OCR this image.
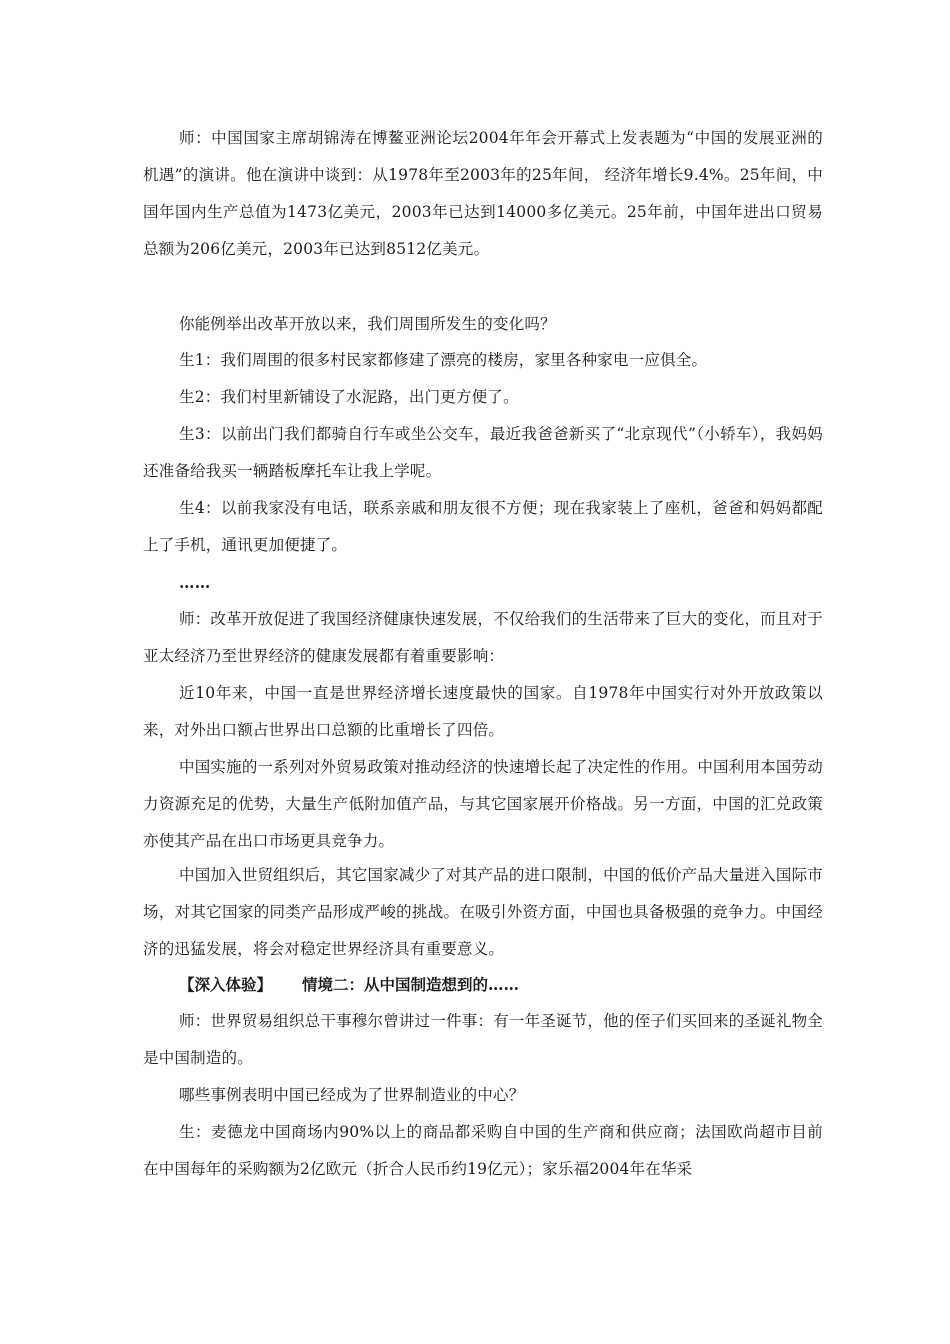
师：中国国家主席胡锦涛在博鳌亚洲论坛2004年年会开幕式上发表题为“中国的发展亚洲的机遇”的演讲。他在演讲中谈到：从1978年至2003年的25年间， 经济年增长9.4%。25年间，中国年国内生产总值为1473亿美元，2003年已达到14000多亿美元。25年前，中国年进出口贸易总额为206亿美元，2003年已达到8512亿美元。

你能例举出改革开放以来，我们周围所发生的变化吗？

生1：我们周围的很多村民家都修建了漂亮的楼房，家里各种家电一应俱全。

生2：我们村里新铺设了水泥路，出门更方便了。

生3：以前出门我们都骑自行车或坐公交车，最近我爸爸新买了“北京现代”（小轿车），我妈妈还准备给我买一辆踏板摩托车让我上学呢。

生4：以前我家没有电话，联系亲戚和朋友很不方便；现在我家装上了座机，爸爸和妈妈都配上了手机，通讯更加便捷了。

……

师：改革开放促进了我国经济健康快速发展，不仅给我们的生活带来了巨大的变化，而且对于亚太经济乃至世界经济的健康发展都有着重要影响：

近10年来，中国一直是世界经济增长速度最快的国家。自1978年中国实行对外开放政策以来，对外出口额占世界出口总额的比重增长了四倍。

中国实施的一系列对外贸易政策对推动经济的快速增长起了决定性的作用。中国利用本国劳动力资源充足的优势，大量生产低附加值产品，与其它国家展开价格战。另一方面，中国的汇兑政策亦使其产品在出口市场更具竞争力。

中国加入世贸组织后，其它国家减少了对其产品的进口限制，中国的低价产品大量进入国际市场，对其它国家的同类产品形成严峻的挑战。在吸引外资方面，中国也具备极强的竞争力。中国经济的迅猛发展，将会对稳定世界经济具有重要意义。

【深入体验】 情境二：从中国制造想到的……

师：世界贸易组织总干事穆尔曾讲过一件事：有一年圣诞节，他的侄子们买回来的圣诞礼物全是中国制造的。

哪些事例表明中国已经成为了世界制造业的中心？

生：麦德龙中国商场内90%以上的商品都采购自中国的生产商和供应商；法国欧尚超市目前在中国每年的采购额为2亿欧元（折合人民币约19亿元）；家乐福2004年在华采
